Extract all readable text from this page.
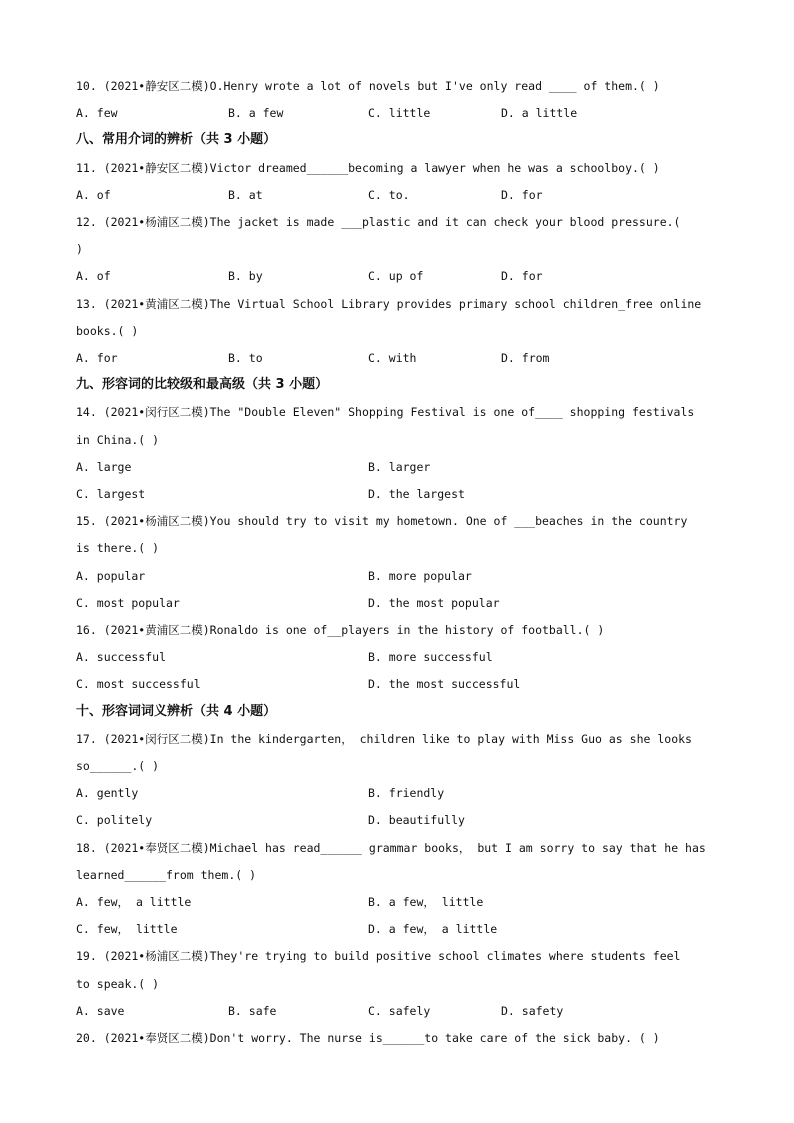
10. (2021•静安区二模)O.Henry wrote a lot of novels but I've only read ____ of them.( )
A. few	B. a few	C. little	D. a little
八、常用介词的辨析（共 3 小题）
11. (2021•静安区二模)Victor dreamed______becoming a lawyer when he was a schoolboy.( )
A. of	B. at	C. to.	D. for
12. (2021•杨浦区二模)The jacket is made ___plastic and it can check your blood pressure.(
)
A. of	B. by	C. up of	D. for
13. (2021•黄浦区二模)The Virtual School Library provides primary school children_free online
books.( )
A. for	B. to	C. with	D. from
九、形容词的比较级和最高级（共 3 小题）
14. (2021•闵行区二模)The "Double Eleven" Shopping Festival is one of____ shopping festivals
in China.( )
A. large	B. larger
C. largest	D. the largest
15. (2021•杨浦区二模)You should try to visit my hometown. One of ___beaches in the country
is there.( )
A. popular	B. more popular
C. most popular	D. the most popular
16. (2021•黄浦区二模)Ronaldo is one of__players in the history of football.( )
A. successful	B. more successful
C. most successful	D. the most successful
十、形容词词义辨析（共 4 小题）
17. (2021•闵行区二模)In the kindergarten， children like to play with Miss Guo as she looks
so______.( )
A. gently	B. friendly
C. politely	D. beautifully
18. (2021•奉贤区二模)Michael has read______ grammar books， but I am sorry to say that he has
learned______from them.( )
A. few， a little	B. a few， little
C. few， little	D. a few， a little
19. (2021•杨浦区二模)They're trying to build positive school climates where students feel
to speak.( )
A. save	B. safe	C. safely	D. safety
20. (2021•奉贤区二模)Don't worry. The nurse is______to take care of the sick baby. ( )
